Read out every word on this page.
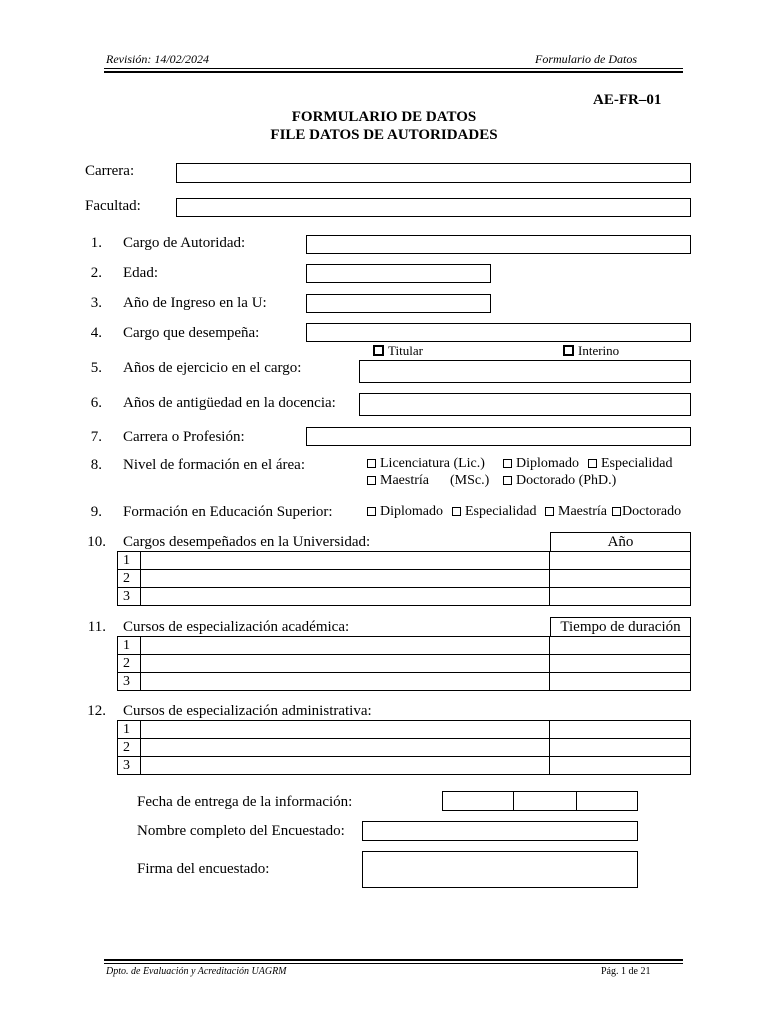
Revisión: 14/02/2024	Formulario de Datos
AE-FR–01
FORMULARIO DE DATOS
FILE DATOS DE AUTORIDADES
Carrera:
Facultad:
1. Cargo de Autoridad:
2. Edad:
3. Año de Ingreso en la U:
4. Cargo que desempeña:
Titular	Interino
5. Años de ejercicio en el cargo:
6. Años de antigüedad en la docencia:
7. Carrera o Profesión:
8. Nivel de formación en el área:	Licenciatura (Lic.)	Diplomado	Especialidad
Maestría (MSc.)	Doctorado (PhD.)
9. Formación en Educación Superior:	Diplomado	Especialidad	Maestría	Doctorado
10. Cargos desempeñados en la Universidad:	Año
1		
2		
3		
11. Cursos de especialización académica:	Tiempo de duración
1		
2		
3		
12. Cursos de especialización administrativa:
1		
2		
3		
Fecha de entrega de la información:
Nombre completo del Encuestado:
Firma del encuestado:
Dpto. de Evaluación y Acreditación UAGRM	Pág. 1 de 21
